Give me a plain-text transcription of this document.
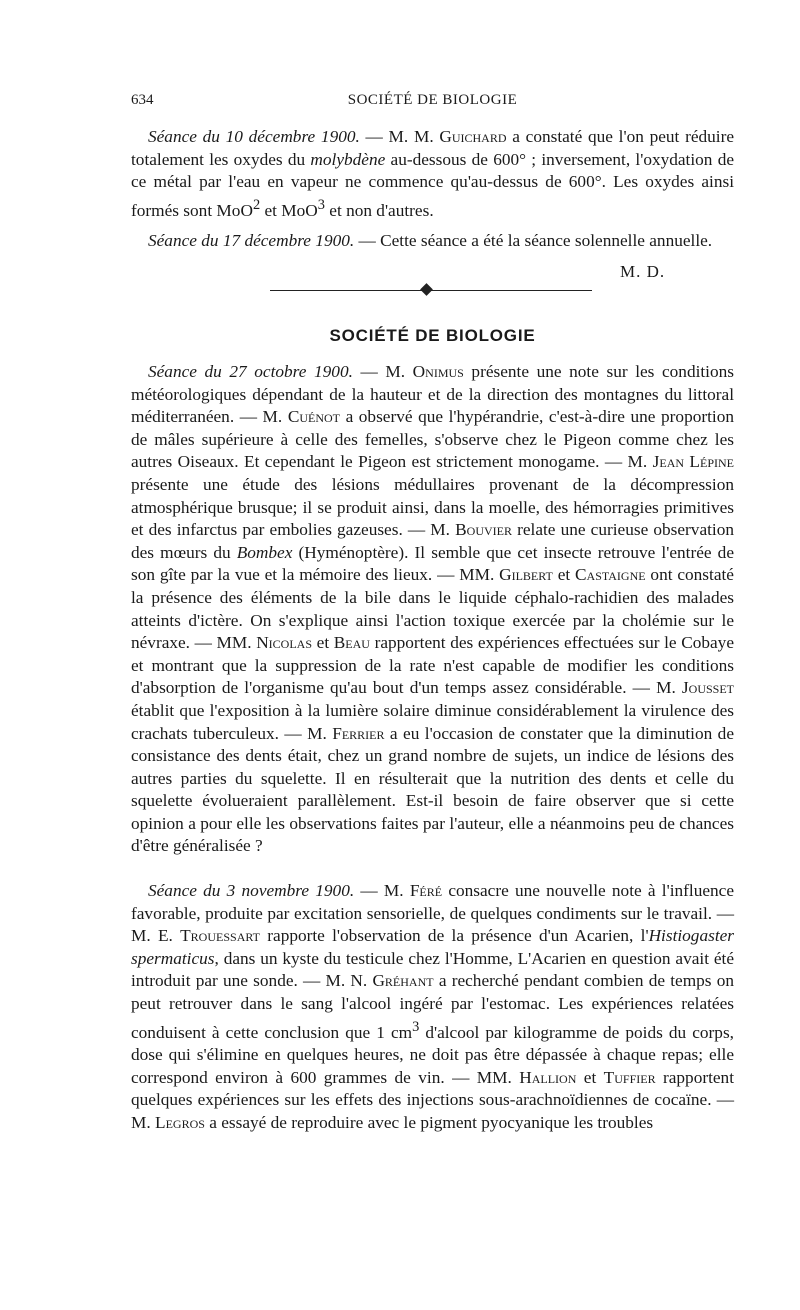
634	SOCIÉTÉ DE BIOLOGIE

Séance du 10 décembre 1900. — M. M. Guichard a constaté que l'on peut réduire totalement les oxydes du molybdène au-dessous de 600° ; inversement, l'oxydation de ce métal par l'eau en vapeur ne commence qu'au-dessus de 600°. Les oxydes ainsi formés sont MoO$^2$ et MoO$^3$ et non d'autres.

Séance du 17 décembre 1900. — Cette séance a été la séance solennelle annuelle.

M. D.
SOCIÉTÉ DE BIOLOGIE

Séance du 27 octobre 1900. — M. Onimus présente une note sur les conditions météorologiques dépendant de la hauteur et de la direction des montagnes du littoral méditerranéen. — M. Cuénot a observé que l'hypérandrie, c'est-à-dire une proportion de mâles supérieure à celle des femelles, s'observe chez le Pigeon comme chez les autres Oiseaux. Et cependant le Pigeon est strictement monogame. — M. Jean Lépine présente une étude des lésions médullaires provenant de la décompression atmosphérique brusque; il se produit ainsi, dans la moelle, des hémorragies primitives et des infarctus par embolies gazeuses. — M. Bouvier relate une curieuse observation des mœurs du Bombex (Hyménoptère). Il semble que cet insecte retrouve l'entrée de son gîte par la vue et la mémoire des lieux. — MM. Gilbert et Castaigne ont constaté la présence des éléments de la bile dans le liquide céphalo-rachidien des malades atteints d'ictère. On s'explique ainsi l'action toxique exercée par la cholémie sur le névraxe. — MM. Nicolas et Beau rapportent des expériences effectuées sur le Cobaye et montrant que la suppression de la rate n'est capable de modifier les conditions d'absorption de l'organisme qu'au bout d'un temps assez considérable. — M. Jousset établit que l'exposition à la lumière solaire diminue considérablement la virulence des crachats tuberculeux. — M. Ferrier a eu l'occasion de constater que la diminution de consistance des dents était, chez un grand nombre de sujets, un indice de lésions des autres parties du squelette. Il en résulterait que la nutrition des dents et celle du squelette évolueraient parallèlement. Est-il besoin de faire observer que si cette opinion a pour elle les observations faites par l'auteur, elle a néanmoins peu de chances d'être généralisée ?

Séance du 3 novembre 1900. — M. Féré consacre une nouvelle note à l'influence favorable, produite par excitation sensorielle, de quelques condiments sur le travail. — M. E. Trouessart rapporte l'observation de la présence d'un Acarien, l'Histiogaster spermaticus, dans un kyste du testicule chez l'Homme, L'Acarien en question avait été introduit par une sonde. — M. N. Gréhant a recherché pendant combien de temps on peut retrouver dans le sang l'alcool ingéré par l'estomac. Les expériences relatées conduisent à cette conclusion que 1 $cm^3$ d'alcool par kilogramme de poids du corps, dose qui s'élimine en quelques heures, ne doit pas être dépassée à chaque repas; elle correspond environ à 600 grammes de vin. — MM. Hallion et Tuffier rapportent quelques expériences sur les effets des injections sous-arachnoïdiennes de cocaïne. — M. Legros a essayé de reproduire avec le pigment pyocyanique les troubles
